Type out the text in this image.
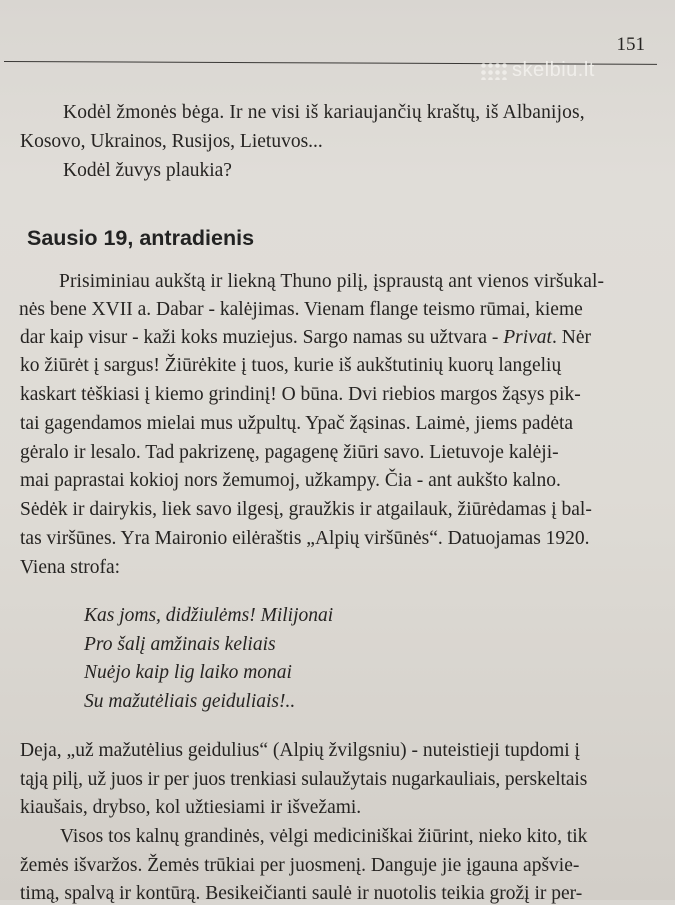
151
skelbiu.lt
Kodėl žmonės bėga. Ir ne visi iš kariaujančių kraštų, iš Albanijos,
Kosovo, Ukrainos, Rusijos, Lietuvos...
Kodėl žuvys plaukia?
Sausio 19, antradienis
Prisiminiau aukštą ir liekną Thuno pilį, įspraustą ant vienos viršukal-
nės bene XVII a. Dabar - kalėjimas. Vienam flange teismo rūmai, kieme
dar kaip visur - kaži koks muziejus. Sargo namas su užtvara - Privat. Nėr
ko žiūrėt į sargus! Žiūrėkite į tuos, kurie iš aukštutinių kuorų langelių
kaskart tėškiasi į kiemo grindinį! O būna. Dvi riebios margos žąsys pik-
tai gagendamos mielai mus užpultų. Ypač žąsinas. Laimė, jiems padėta
gėralo ir lesalo. Tad pakrizenę, pagagenę žiūri savo. Lietuvoje kalėji-
mai paprastai kokioj nors žemumoj, užkampy. Čia - ant aukšto kalno.
Sėdėk ir dairykis, liek savo ilgesį, graužkis ir atgailauk, žiūrėdamas į bal-
tas viršūnes. Yra Maironio eilėraštis „Alpių viršūnės“. Datuojamas 1920.
Viena strofa:
Kas joms, didžiulėms! Milijonai
Pro šalį amžinais keliais
Nuėjo kaip lig laiko monai
Su mažutėliais geiduliais!..
Deja, „už mažutėlius geidulius“ (Alpių žvilgsniu) - nuteistieji tupdomi į
tąją pilį, už juos ir per juos trenkiasi sulaužytais nugarkauliais, perskeltais
kiaušais, drybso, kol užtiesiami ir išvežami.
Visos tos kalnų grandinės, vėlgi mediciniškai žiūrint, nieko kito, tik
žemės išvaržos. Žemės trūkiai per juosmenį. Danguje jie įgauna apšvie-
timą, spalvą ir kontūrą. Besikeičianti saulė ir nuotolis teikia grožį ir per-
